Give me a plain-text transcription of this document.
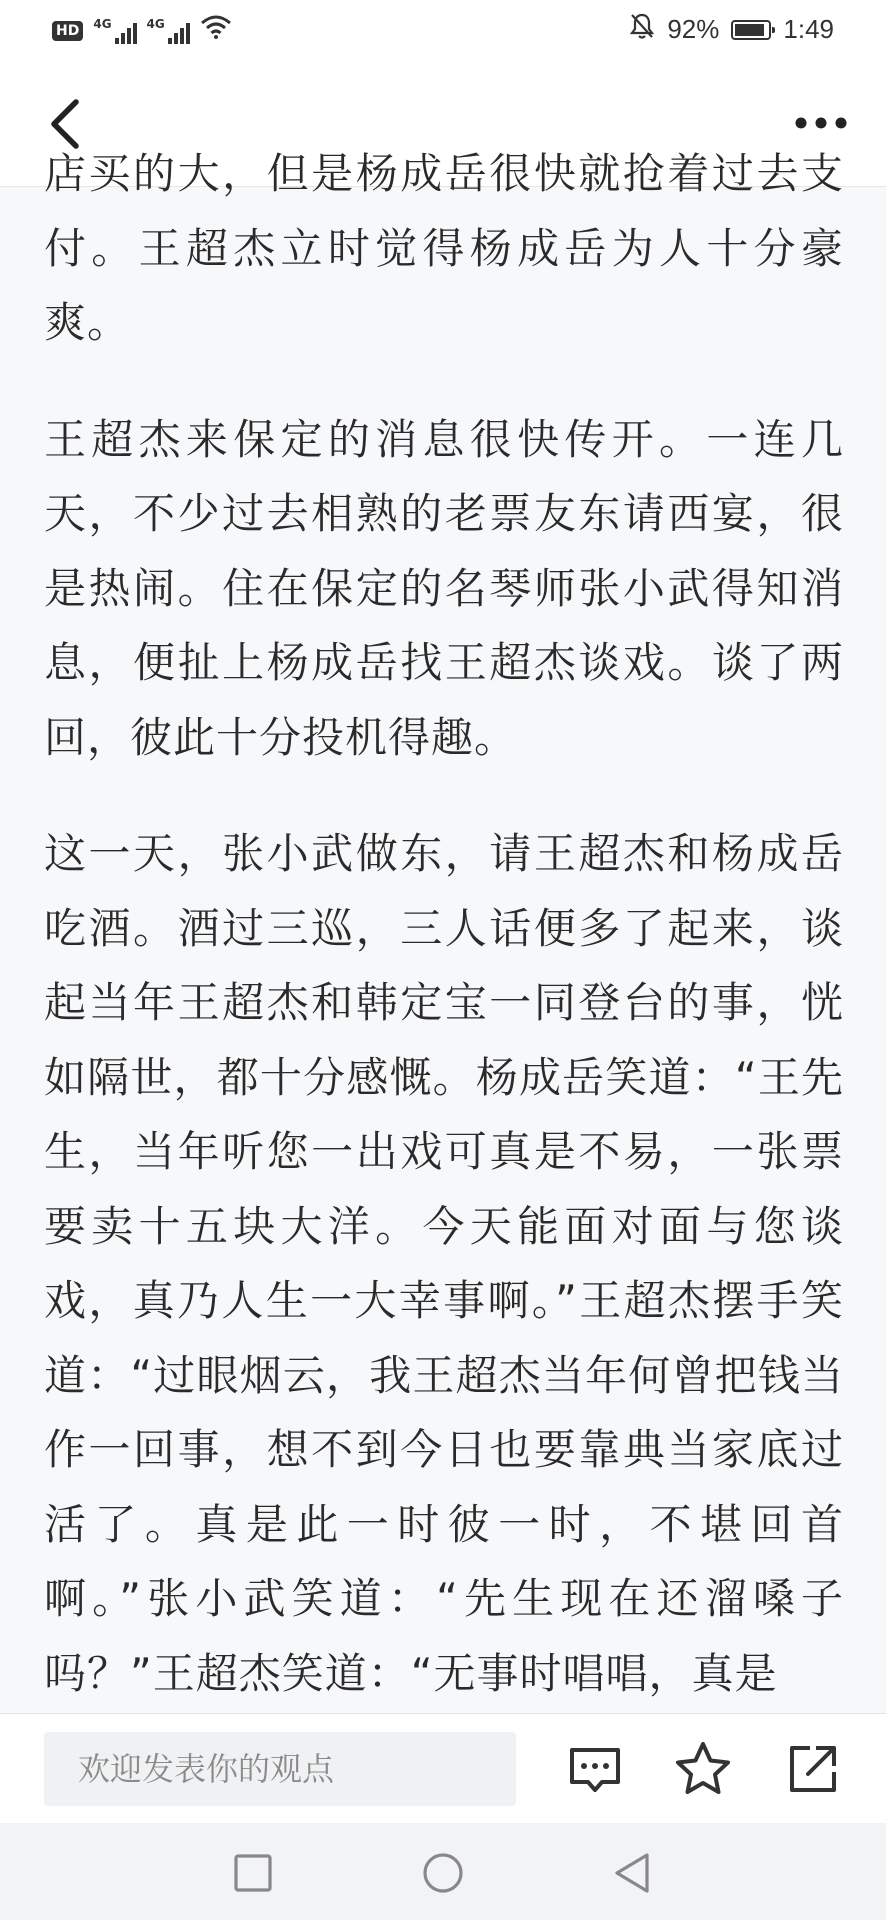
HD	4G	4G	92% 1:49

店买的大，但是杨成岳很快就抢着过去支付。王超杰立时觉得杨成岳为人十分豪爽。

王超杰来保定的消息很快传开。一连几天，不少过去相熟的老票友东请西宴，很是热闹。住在保定的名琴师张小武得知消息，便扯上杨成岳找王超杰谈戏。谈了两回，彼此十分投机得趣。

这一天，张小武做东，请王超杰和杨成岳吃酒。酒过三巡，三人话便多了起来，谈起当年王超杰和韩定宝一同登台的事，恍如隔世，都十分感慨。杨成岳笑道：“王先生，当年听您一出戏可真是不易，一张票要卖十五块大洋。今天能面对面与您谈戏，真乃人生一大幸事啊。”王超杰摆手笑道：“过眼烟云，我王超杰当年何曾把钱当作一回事，想不到今日也要靠典当家底过活了。真是此一时彼一时，不堪回首啊。”张小武笑道：“先生现在还溜嗓子吗？”王超杰笑道：“无事时唱唱，真是

欢迎发表你的观点
